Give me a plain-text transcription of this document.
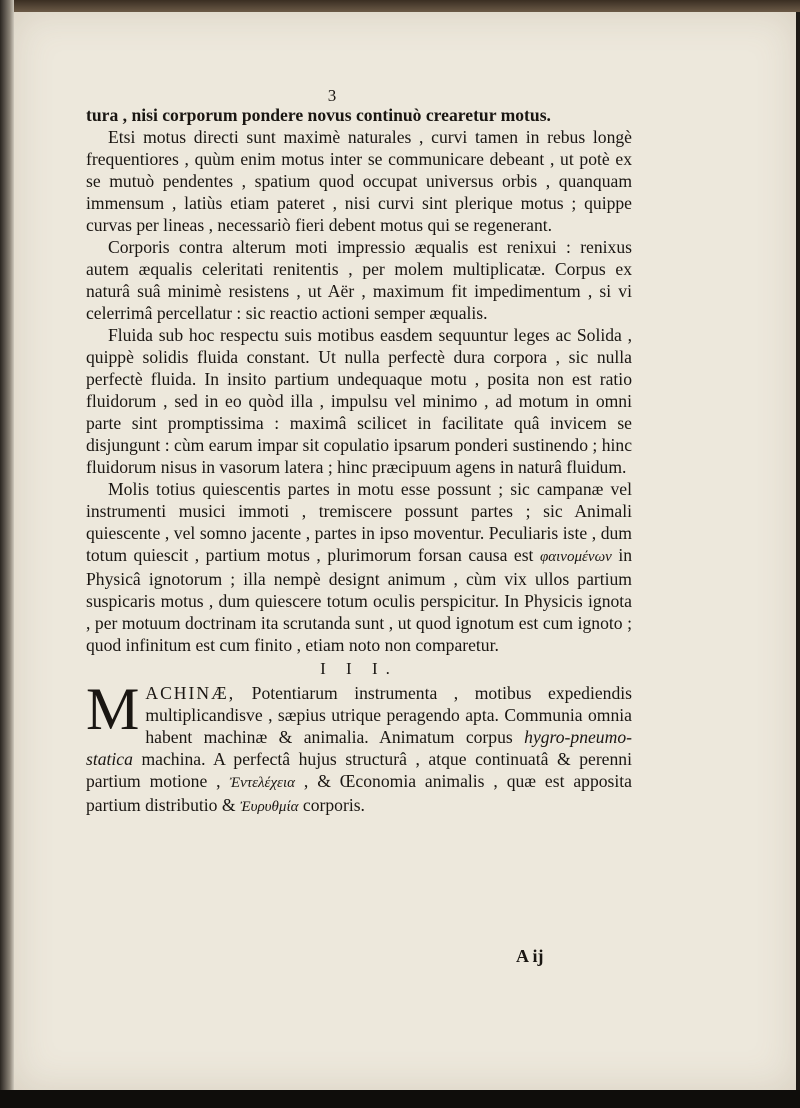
3

tura , nisi corporum pondere novus continuò crearetur motus.

Etsi motus directi sunt maximè naturales , curvi tamen in rebus longè frequentiores , quùm enim motus inter se communicare debeant , ut potè ex se mutuò pendentes , spatium quod occupat universus orbis , quanquam immensum , latiùs etiam pateret , nisi curvi sint plerique motus ; quippe curvas per lineas , necessariò fieri debent motus qui se regenerant.

Corporis contra alterum moti impressio æqualis est renixui : renixus autem æqualis celeritati renitentis , per molem multiplicatæ. Corpus ex naturâ suâ minimè resistens , ut Aër , maximum fit impedimentum , si vi celerrimâ percellatur : sic reactio actioni semper æqualis.

Fluida sub hoc respectu suis motibus easdem sequuntur leges ac Solida , quippè solidis fluida constant. Ut nulla perfectè dura corpora , sic nulla perfectè fluida. In insito partium undequaque motu , posita non est ratio fluidorum , sed in eo quòd illa , impulsu vel minimo , ad motum in omni parte sint promptissima : maximâ scilicet in facilitate quâ invicem se disjungunt : cùm earum impar sit copulatio ipsarum ponderi sustinendo ; hinc fluidorum nisus in vasorum latera ; hinc præcipuum agens in naturâ fluidum.

Molis totius quiescentis partes in motu esse possunt ; sic campanæ vel instrumenti musici immoti , tremiscere possunt partes ; sic Animali quiescente , vel somno jacente , partes in ipso moventur. Peculiaris iste , dum totum quiescit , partium motus , plurimorum forsan causa est φαινομένων in Physicâ ignotorum ; illa nempè designt animum , cùm vix ullos partium suspicaris motus , dum quiescere totum oculis perspicitur. In Physicis ignota , per motuum doctrinam ita scrutanda sunt , ut quod ignotum est cum ignoto ; quod infinitum est cum finito , etiam noto non comparetur.

I I I.

MACHINÆ, Potentiarum instrumenta , motibus expediendis multiplicandisve , sæpius utrique peragendo apta. Communia omnia habent machinæ & animalia. Animatum corpus hygro-pneumo-statica machina. A perfectâ hujus structurâ , atque continuatâ & perenni partium motione , Ἐντελέχεια , & Œconomia animalis , quæ est apposita partium distributio & Ἐυρυθμία corporis.

A ij
